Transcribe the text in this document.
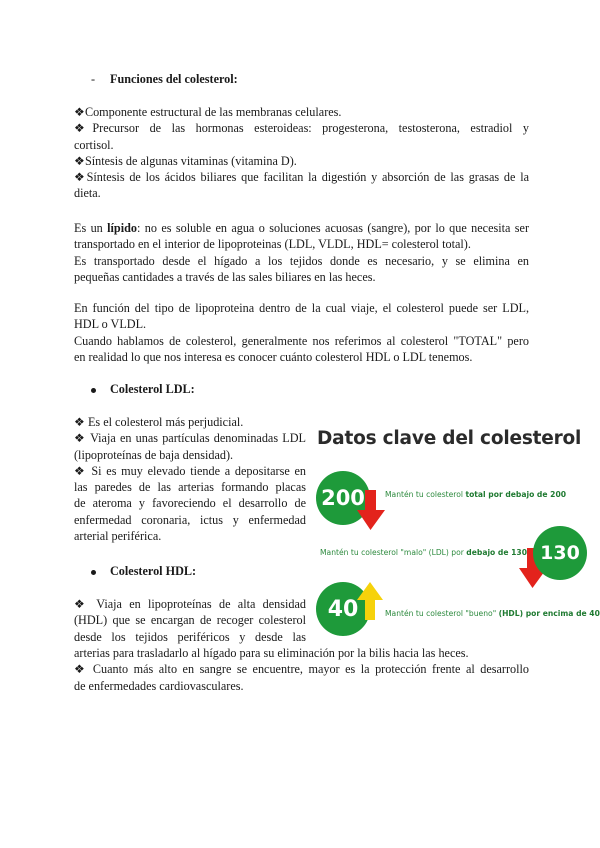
- Funciones del colesterol:
❖Componente estructural de las membranas celulares.
❖Precursor de las hormonas esteroideas: progesterona, testosterona, estradiol y
cortisol.
❖Síntesis de algunas vitaminas (vitamina D).
❖Síntesis de los ácidos biliares que facilitan la digestión y absorción de las grasas de la
dieta.
Es un lípido: no es soluble en agua o soluciones acuosas (sangre), por lo que necesita ser
transportado en el interior de lipoproteinas (LDL, VLDL, HDL= colesterol total).
Es transportado desde el hígado a los tejidos donde es necesario, y se elimina en
pequeñas cantidades a través de las sales biliares en las heces.
En función del tipo de lipoproteina dentro de la cual viaje, el colesterol puede ser LDL,
HDL o VLDL.
Cuando hablamos de colesterol, generalmente nos referimos al colesterol "TOTAL" pero
en realidad lo que nos interesa es conocer cuánto colesterol HDL o LDL tenemos.
Colesterol LDL:
❖ Es el colesterol más perjudicial.
❖ Viaja en unas partículas denominadas LDL
(lipoproteínas de baja densidad).
❖ Si es muy elevado tiende a depositarse en
las paredes de las arterias formando placas
de ateroma y favoreciendo el desarrollo de
enfermedad coronaria, ictus y enfermedad
arterial periférica.
Colesterol HDL:
❖ Viaja en lipoproteínas de alta densidad
(HDL) que se encargan de recoger colesterol
desde los tejidos periféricos y desde las
arterias para trasladarlo al hígado para su eliminación por la bilis hacia las heces.
❖ Cuanto más alto en sangre se encuentre, mayor es la protección frente al desarrollo
de enfermedades cardiovasculares.
Datos clave del colesterol
200	Mantén tu colesterol total por debajo de 200
Mantén tu colesterol "malo" (LDL) por debajo de 130 130
40	Mantén tu colesterol "bueno" (HDL) por encima de 40
